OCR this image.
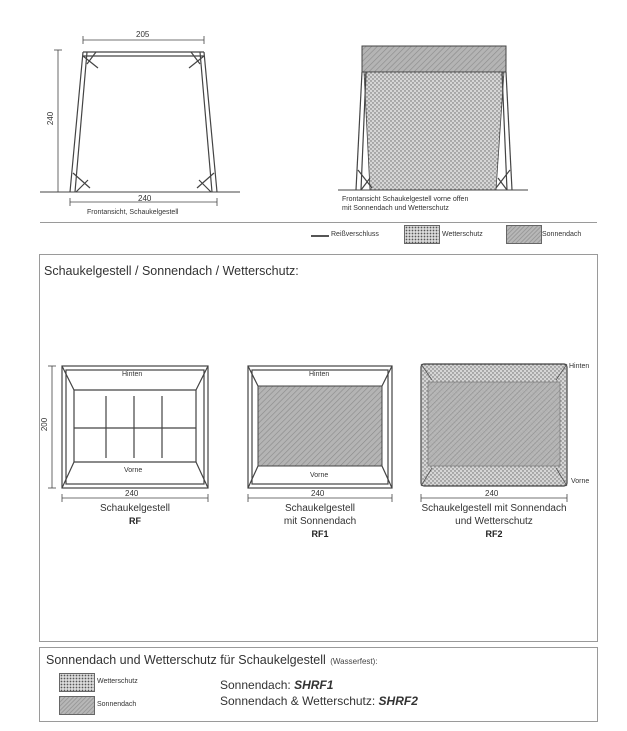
205
240
240
Frontansicht, Schaukelgestell
Frontansicht Schaukelgestell vorne offen
mit Sonnendach und Wetterschutz
Reißverschluss	Wetterschutz	Sonnendach
Schaukelgestell / Sonnendach / Wetterschutz:
200
Hinten
Vorne
240
Schaukelgestell
RF
Hinten
Vorne
240
Schaukelgestell
mit Sonnendach
RF1
Hinten
Vorne
240
Schaukelgestell mit Sonnendach
und Wetterschutz
RF2
Sonnendach und Wetterschutz für Schaukelgestell (Wasserfest):
Wetterschutz
Sonnendach
Sonnendach: SHRF1
Sonnendach & Wetterschutz: SHRF2
